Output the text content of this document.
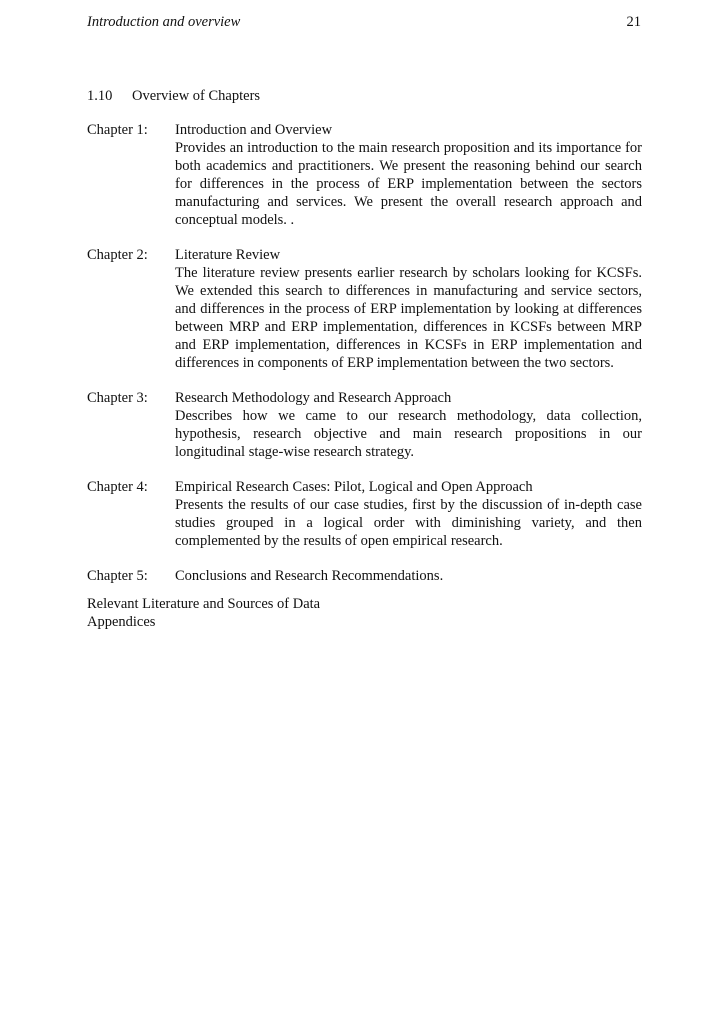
Introduction and overview	21
1.10 Overview of Chapters
Chapter 1:	Introduction and Overview
Provides an introduction to the main research proposition and its importance for both academics and practitioners. We present the reasoning behind our search for differences in the process of ERP implementation between the sectors manufacturing and services. We present the overall research approach and conceptual models. .
Chapter 2:	Literature Review
The literature review presents earlier research by scholars looking for KCSFs. We extended this search to differences in manufacturing and service sectors, and differences in the process of ERP implementation by looking at differences between MRP and ERP implementation, differences in KCSFs between MRP and ERP implementation, differences in KCSFs in ERP implementation and differences in components of ERP implementation between the two sectors.
Chapter 3:	Research Methodology and Research Approach
Describes how we came to our research methodology, data collection, hypothesis, research objective and main research propositions in our longitudinal stage-wise research strategy.
Chapter 4:	Empirical Research Cases: Pilot, Logical and Open Approach
Presents the results of our case studies, first by the discussion of in-depth case studies grouped in a logical order with diminishing variety, and then complemented by the results of open empirical research.
Chapter 5:	Conclusions and Research Recommendations.
Relevant Literature and Sources of Data
Appendices
